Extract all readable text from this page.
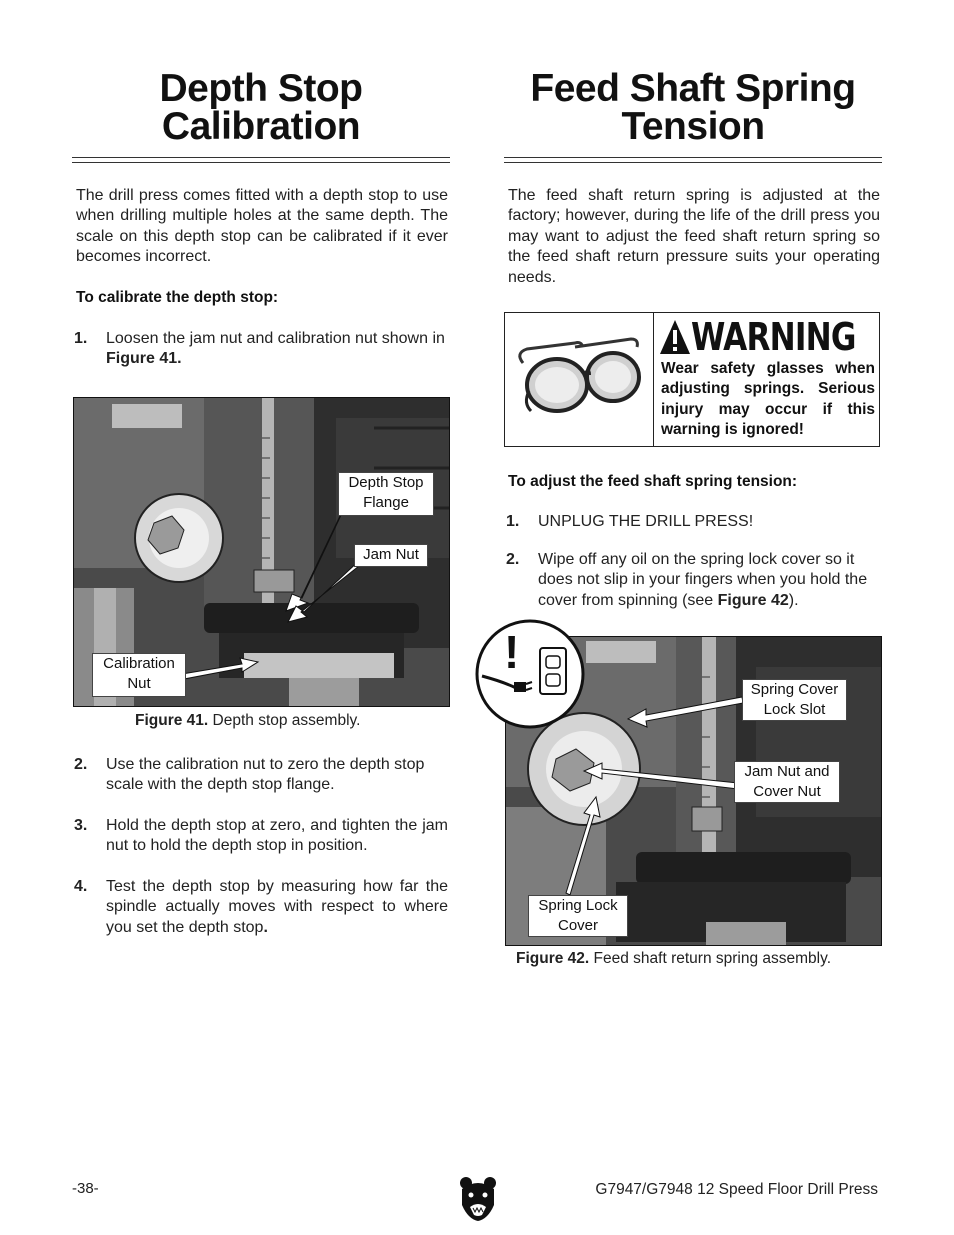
Depth Stop
Calibration
The drill press comes fitted with a depth stop to use when drilling multiple holes at the same depth. The scale on this depth stop can be calibrated if it ever becomes incorrect.
To calibrate the depth stop:
1. Loosen the jam nut and calibration nut shown in Figure 41.
Depth Stop
Flange
Jam Nut
Calibration
Nut
Figure 41. Depth stop assembly.
2. Use the calibration nut to zero the depth stop scale with the depth stop flange.
3. Hold the depth stop at zero, and tighten the jam nut to hold the depth stop in position.
4. Test the depth stop by measuring how far the spindle actually moves with respect to where you set the depth stop.
Feed Shaft Spring
Tension
The feed shaft return spring is adjusted at the factory; however, during the life of the drill press you may want to adjust the feed shaft return spring so the feed shaft return pressure suits your operating needs.
WARNING
Wear safety glasses when adjusting springs. Serious injury may occur if this warning is ignored!
To adjust the feed shaft spring tension:
1. UNPLUG THE DRILL PRESS!
2. Wipe off any oil on the spring lock cover so it does not slip in your fingers when you hold the cover from spinning (see Figure 42).
Spring Cover
Lock Slot
Jam Nut and
Cover Nut
Spring Lock
Cover
!
Figure 42. Feed shaft return spring assembly.
-38-	G7947/G7948 12 Speed Floor Drill Press
